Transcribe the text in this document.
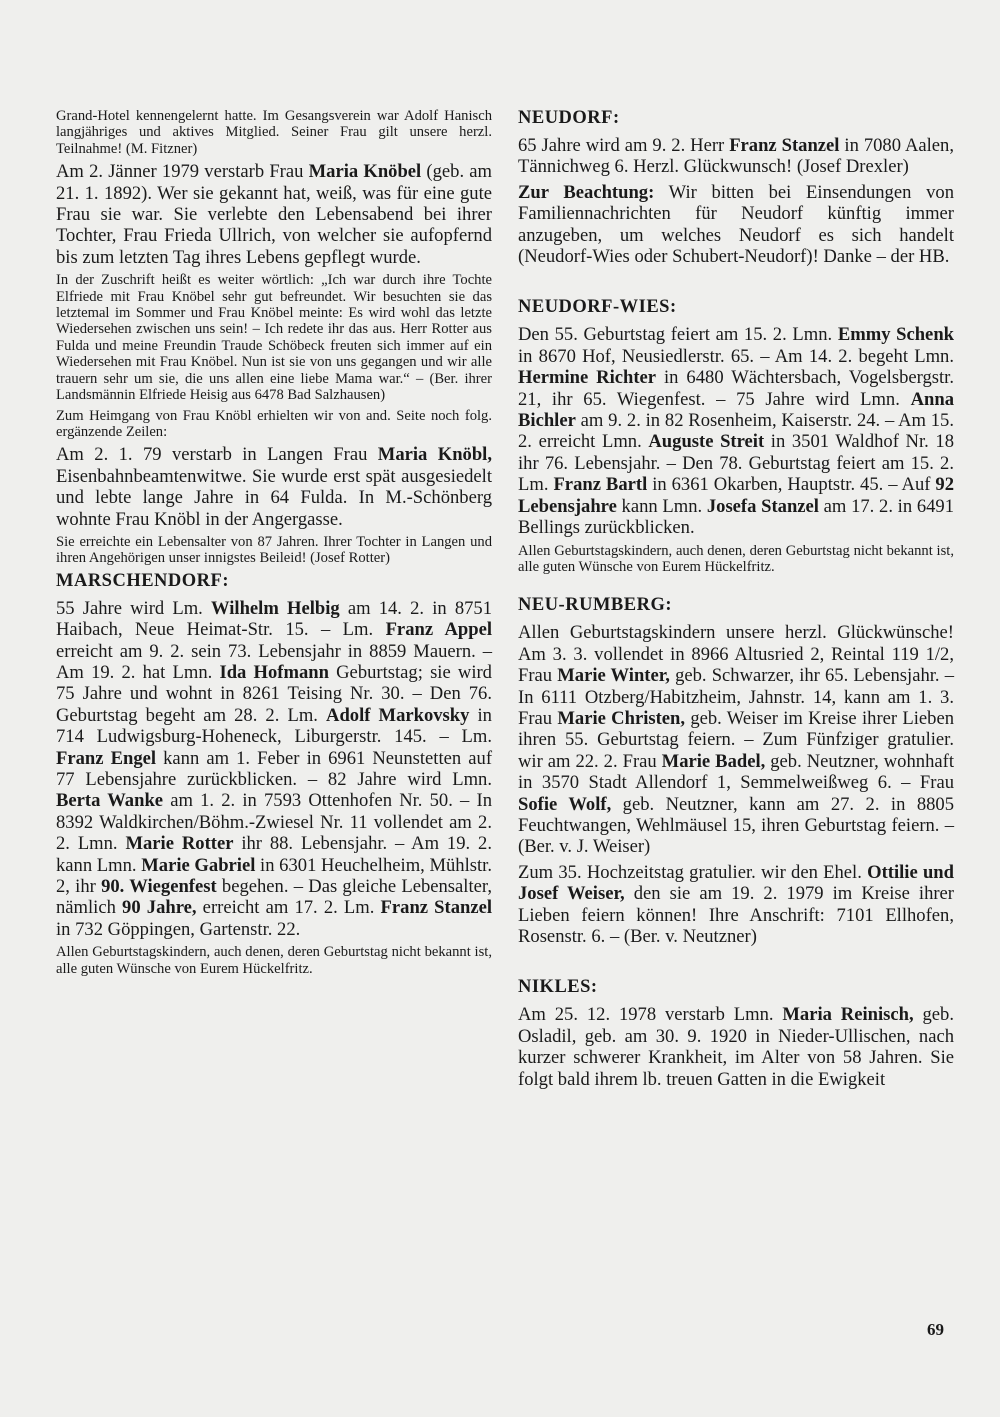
Grand-Hotel kennengelernt hatte. Im Gesangsverein war Adolf Hanisch langjähriges und aktives Mitglied. Seiner Frau gilt unsere herzl. Teilnahme! (M. Fitzner)

Am 2. Jänner 1979 verstarb Frau Maria Knöbel (geb. am 21. 1. 1892). Wer sie gekannt hat, weiß, was für eine gute Frau sie war. Sie verlebte den Lebensabend bei ihrer Tochter, Frau Frieda Ullrich, von welcher sie aufopfernd bis zum letzten Tag ihres Lebens gepflegt wurde.

In der Zuschrift heißt es weiter wörtlich: „Ich war durch ihre Tochte Elfriede mit Frau Knöbel sehr gut befreundet. Wir besuchten sie das letztemal im Sommer und Frau Knöbel meinte: Es wird wohl das letzte Wiedersehen zwischen uns sein! – Ich redete ihr das aus. Herr Rotter aus Fulda und meine Freundin Traude Schöbeck freuten sich immer auf ein Wiedersehen mit Frau Knöbel. Nun ist sie von uns gegangen und wir alle trauern sehr um sie, die uns allen eine liebe Mama war.“ – (Ber. ihrer Landsmännin Elfriede Heisig aus 6478 Bad Salzhausen)

Zum Heimgang von Frau Knöbl erhielten wir von and. Seite noch folg. ergänzende Zeilen:

Am 2. 1. 79 verstarb in Langen Frau Maria Knöbl, Eisenbahnbeamtenwitwe. Sie wurde erst spät ausgesiedelt und lebte lange Jahre in 64 Fulda. In M.-Schönberg wohnte Frau Knöbl in der Angergasse.

Sie erreichte ein Lebensalter von 87 Jahren. Ihrer Tochter in Langen und ihren Angehörigen unser innigstes Beileid! (Josef Rotter)

MARSCHENDORF:

55 Jahre wird Lm. Wilhelm Helbig am 14. 2. in 8751 Haibach, Neue Heimat-Str. 15. – Lm. Franz Appel erreicht am 9. 2. sein 73. Lebensjahr in 8859 Mauern. – Am 19. 2. hat Lmn. Ida Hofmann Geburtstag; sie wird 75 Jahre und wohnt in 8261 Teising Nr. 30. – Den 76. Geburtstag begeht am 28. 2. Lm. Adolf Markovsky in 714 Ludwigsburg-Hoheneck, Liburgerstr. 145. – Lm. Franz Engel kann am 1. Feber in 6961 Neunstetten auf 77 Lebensjahre zurückblicken. – 82 Jahre wird Lmn. Berta Wanke am 1. 2. in 7593 Ottenhofen Nr. 50. – In 8392 Waldkirchen/Böhm.-Zwiesel Nr. 11 vollendet am 2. 2. Lmn. Marie Rotter ihr 88. Lebensjahr. – Am 19. 2. kann Lmn. Marie Gabriel in 6301 Heuchelheim, Mühlstr. 2, ihr 90. Wiegenfest begehen. – Das gleiche Lebensalter, nämlich 90 Jahre, erreicht am 17. 2. Lm. Franz Stanzel in 732 Göppingen, Gartenstr. 22.

Allen Geburtstagskindern, auch denen, deren Geburtstag nicht bekannt ist, alle guten Wünsche von Eurem Hückelfritz.

NEUDORF:

65 Jahre wird am 9. 2. Herr Franz Stanzel in 7080 Aalen, Tännichweg 6. Herzl. Glückwunsch! (Josef Drexler)

Zur Beachtung: Wir bitten bei Einsendungen von Familiennachrichten für Neudorf künftig immer anzugeben, um welches Neudorf es sich handelt (Neudorf-Wies oder Schubert-Neudorf)! Danke – der HB.

NEUDORF-WIES:

Den 55. Geburtstag feiert am 15. 2. Lmn. Emmy Schenk in 8670 Hof, Neusiedlerstr. 65. – Am 14. 2. begeht Lmn. Hermine Richter in 6480 Wächtersbach, Vogelsbergstr. 21, ihr 65. Wiegenfest. – 75 Jahre wird Lmn. Anna Bichler am 9. 2. in 82 Rosenheim, Kaiserstr. 24. – Am 15. 2. erreicht Lmn. Auguste Streit in 3501 Waldhof Nr. 18 ihr 76. Lebensjahr. – Den 78. Geburtstag feiert am 15. 2. Lm. Franz Bartl in 6361 Okarben, Hauptstr. 45. – Auf 92 Lebensjahre kann Lmn. Josefa Stanzel am 17. 2. in 6491 Bellings zurückblicken.

Allen Geburtstagskindern, auch denen, deren Geburtstag nicht bekannt ist, alle guten Wünsche von Eurem Hückelfritz.

NEU-RUMBERG:

Allen Geburtstagskindern unsere herzl. Glückwünsche! Am 3. 3. vollendet in 8966 Altusried 2, Reintal 119 1/2, Frau Marie Winter, geb. Schwarzer, ihr 65. Lebensjahr. – In 6111 Otzberg/Habitzheim, Jahnstr. 14, kann am 1. 3. Frau Marie Christen, geb. Weiser im Kreise ihrer Lieben ihren 55. Geburtstag feiern. – Zum Fünfziger gratulier. wir am 22. 2. Frau Marie Badel, geb. Neutzner, wohnhaft in 3570 Stadt Allendorf 1, Semmelweißweg 6. – Frau Sofie Wolf, geb. Neutzner, kann am 27. 2. in 8805 Feuchtwangen, Wehlmäusel 15, ihren Geburtstag feiern. – (Ber. v. J. Weiser)

Zum 35. Hochzeitstag gratulier. wir den Ehel. Ottilie und Josef Weiser, den sie am 19. 2. 1979 im Kreise ihrer Lieben feiern können! Ihre Anschrift: 7101 Ellhofen, Rosenstr. 6. – (Ber. v. Neutzner)

NIKLES:

Am 25. 12. 1978 verstarb Lmn. Maria Reinisch, geb. Osladil, geb. am 30. 9. 1920 in Nieder-Ullischen, nach kurzer schwerer Krankheit, im Alter von 58 Jahren. Sie folgt bald ihrem lb. treuen Gatten in die Ewigkeit

69
